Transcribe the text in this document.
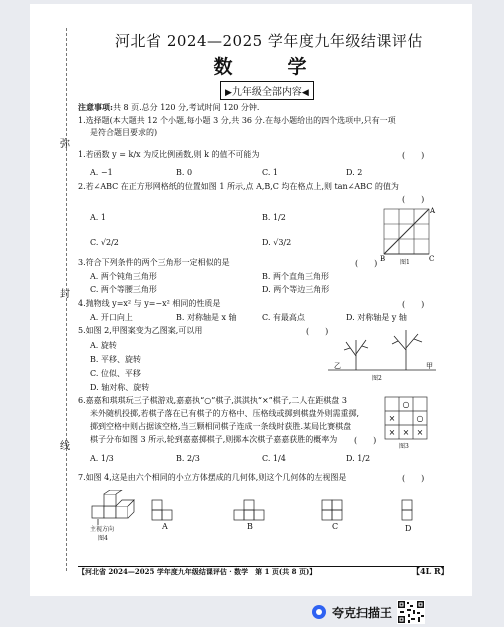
弥
封
线
河北省 2024—2025 学年度九年级结课评估
数　学
▶九年级全部内容◀
注意事项:共 8 页.总分 120 分,考试时间 120 分钟.
1.选择题(本大题共 12 个小题,每小题 3 分,共 36 分.在每小题给出的四个选项中,只有一项
是符合题目要求的)
1.若函数 y = k/x 为反比例函数,则 k 的值不可能为	(　　)
A. −1	B. 0	C. 1	D. 2
2.若∠ABC 在正方形网格纸的位置如图 1 所示,点 A,B,C 均在格点上,则 tan∠ABC 的值为
(　　)
A. 1	B. 1/2
C. √2/2	D. √3/2
A
B	C
图1
3.符合下列条件的两个三角形一定相似的是	(　　)
A. 两个钝角三角形	B. 两个直角三角形
C. 两个等腰三角形	D. 两个等边三角形
4.抛物线 y=x² 与 y=−x² 相同的性质是	(　　)
A. 开口向上	B. 对称轴是 x 轴	C. 有最高点	D. 对称轴是 y 轴
5.如图 2,甲图案变为乙图案,可以用	(　　)
A. 旋转
B. 平移、旋转
C. 位似、平移
D. 轴对称、旋转
乙	甲
图2
6.嘉嘉和琪琪玩三子棋游戏,嘉嘉执“○”棋子,淇淇执“×”棋子,二人在距棋盘 3
米外随机投掷,若棋子落在已有棋子的方格中、压格线或掷到棋盘外则需重掷,
掷到空格中则占据该空格,当三颗相同棋子连成一条线时获胜.某局比赛棋盘
棋子分布如图 3 所示,轮到嘉嘉掷棋子,则掷本次棋子嘉嘉获胜的概率为 (　　)
A. 1/3	B. 2/3	C. 1/4	D. 1/2
○
×	○
× × ×
图3
7.如图 4,这是由六个相同的小立方体摆成的几何体,则这个几何体的左视图是	(　　)
主视方向
图4
A	B	C	D
【河北省 2024—2025 学年度九年级结课评估 · 数学　第 1 页(共 8 页)】	【4L R】
夸克扫描王
